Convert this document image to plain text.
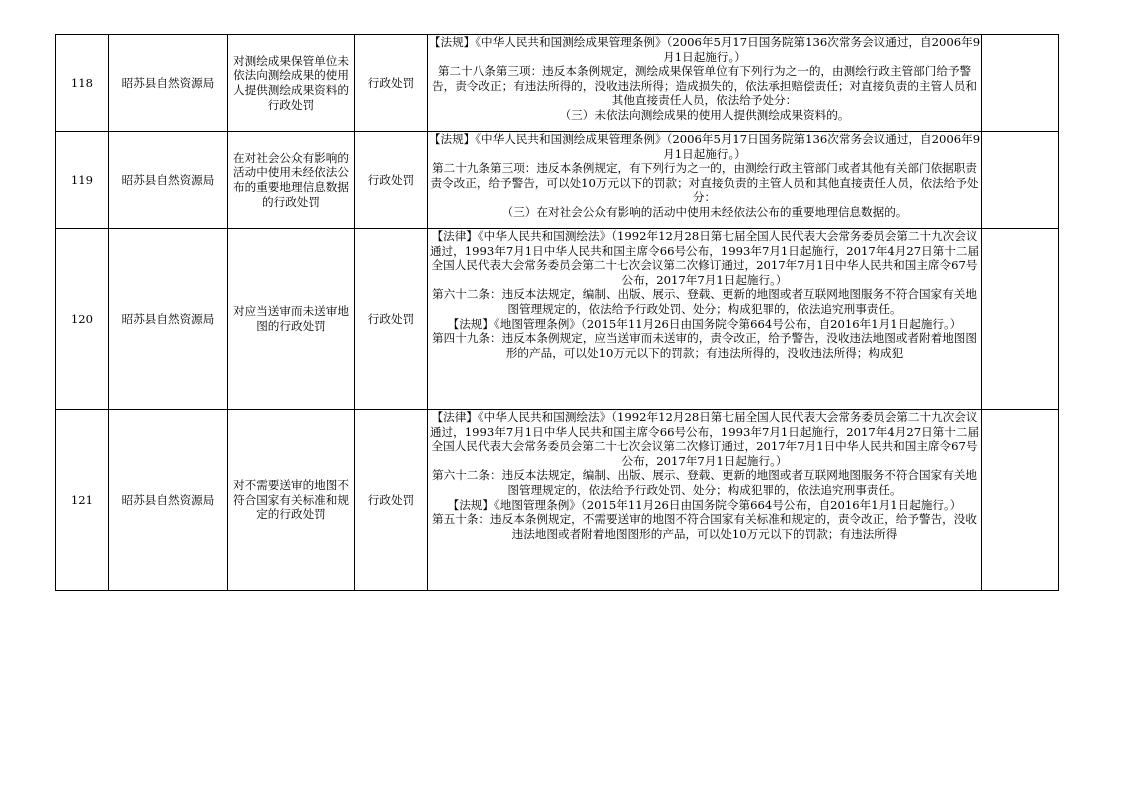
118	昭苏县自然资源局	对测绘成果保管单位未依法向测绘成果的使用人提供测绘成果资料的行政处罚	行政处罚	【法规】《中华人民共和国测绘成果管理条例》（2006年5月17日国务院第136次常务会议通过，自2006年9月1日起施行。）

第二十八条第三项：违反本条例规定，测绘成果保管单位有下列行为之一的，由测绘行政主管部门给予警告，责令改正；有违法所得的，没收违法所得；造成损失的，依法承担赔偿责任；对直接负责的主管人员和其他直接责任人员，依法给予处分：

（三）未依法向测绘成果的使用人提供测绘成果资料的。	

119	昭苏县自然资源局	在对社会公众有影响的活动中使用未经依法公布的重要地理信息数据的行政处罚	行政处罚	【法规】《中华人民共和国测绘成果管理条例》（2006年5月17日国务院第136次常务会议通过，自2006年9月1日起施行。）

第二十九条第三项：违反本条例规定，有下列行为之一的，由测绘行政主管部门或者其他有关部门依据职责责令改正，给予警告，可以处10万元以下的罚款；对直接负责的主管人员和其他直接责任人员，依法给予处分：

（三）在对社会公众有影响的活动中使用未经依法公布的重要地理信息数据的。	

120	昭苏县自然资源局	对应当送审而未送审地图的行政处罚	行政处罚	【法律】《中华人民共和国测绘法》（1992年12月28日第七届全国人民代表大会常务委员会第二十九次会议通过，1993年7月1日中华人民共和国主席令66号公布，1993年7月1日起施行，2017年4月27日第十二届全国人民代表大会常务委员会第二十七次会议第二次修订通过，2017年7月1日中华人民共和国主席令67号公布，2017年7月1日起施行。）

第六十二条：违反本法规定，编制、出版、展示、登载、更新的地图或者互联网地图服务不符合国家有关地图管理规定的，依法给予行政处罚、处分；构成犯罪的，依法追究刑事责任。

【法规】《地图管理条例》（2015年11月26日由国务院令第664号公布，自2016年1月1日起施行。）

第四十九条：违反本条例规定，应当送审而未送审的，责令改正，给予警告，没收违法地图或者附着地图图形的产品，可以处10万元以下的罚款；有违法所得的，没收违法所得；构成犯	

121	昭苏县自然资源局	对不需要送审的地图不符合国家有关标准和规定的行政处罚	行政处罚	【法律】《中华人民共和国测绘法》（1992年12月28日第七届全国人民代表大会常务委员会第二十九次会议通过，1993年7月1日中华人民共和国主席令66号公布，1993年7月1日起施行，2017年4月27日第十二届全国人民代表大会常务委员会第二十七次会议第二次修订通过，2017年7月1日中华人民共和国主席令67号公布，2017年7月1日起施行。）

第六十二条：违反本法规定，编制、出版、展示、登载、更新的地图或者互联网地图服务不符合国家有关地图管理规定的，依法给予行政处罚、处分；构成犯罪的，依法追究刑事责任。

【法规】《地图管理条例》（2015年11月26日由国务院令第664号公布，自2016年1月1日起施行。）

第五十条：违反本条例规定，不需要送审的地图不符合国家有关标准和规定的，责令改正，给予警告，没收违法地图或者附着地图图形的产品，可以处10万元以下的罚款；有违法所得	
